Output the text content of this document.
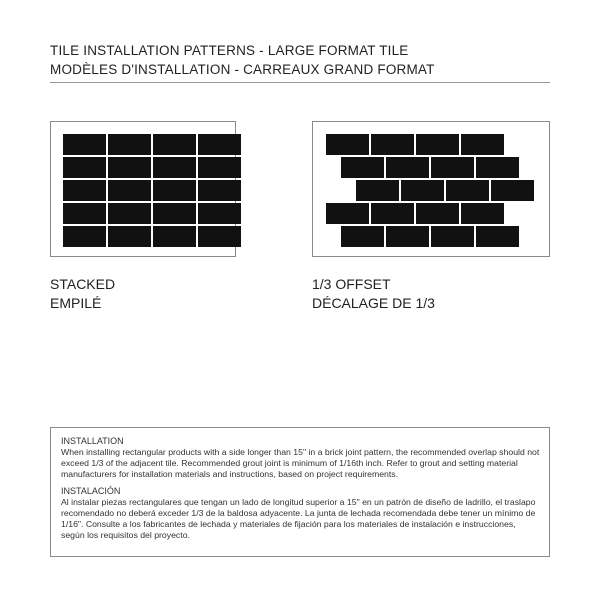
TILE INSTALLATION PATTERNS - LARGE FORMAT TILE
MODÈLES D'INSTALLATION - CARREAUX GRAND FORMAT
STACKED
EMPILÉ
1/3 OFFSET
DÉCALAGE DE 1/3

INSTALLATION

When installing rectangular products with a side longer than 15" in a brick joint pattern, the recommended overlap should not exceed 1/3 of the adjacent tile. Recommended grout joint is minimum of 1/16th inch. Refer to grout and setting material manufacturers for installation materials and instructions, based on project requirements.

INSTALACIÓN

Al instalar piezas rectangulares que tengan un lado de longitud superior a 15" en un patrón de diseño de ladrillo, el traslapo recomendado no deberá exceder 1/3 de la baldosa adyacente. La junta de lechada recomendada debe tener un mínimo de 1/16". Consulte a los fabricantes de lechada y materiales de fijación para los materiales de instalación e instrucciones, según los requisitos del proyecto.
